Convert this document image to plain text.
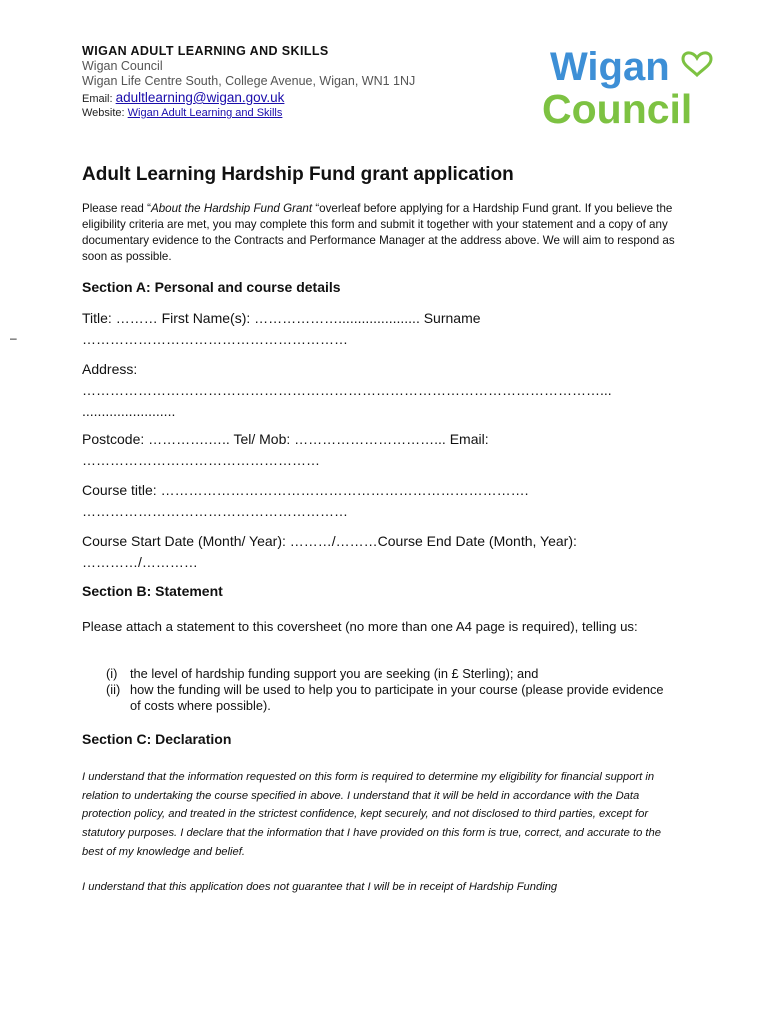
WIGAN ADULT LEARNING AND SKILLS
Wigan Council
Wigan Life Centre South, College Avenue, Wigan, WN1 1NJ
Email: adultlearning@wigan.gov.uk
Website: Wigan Adult Learning and Skills
Wigan
Council
Adult Learning Hardship Fund grant application

Please read “About the Hardship Fund Grant “overleaf before applying for a Hardship Fund grant. If you believe the eligibility criteria are met, you may complete this form and submit it together with your statement and a copy of any documentary evidence to the Contracts and Performance Manager at the address above. We will aim to respond as soon as possible.

Section A: Personal and course details
–

Title: ……… First Name(s): ………………..................... Surname
…………………………………………………

Address:
…………………………………………………………………………………………………...
........................

Postcode: ………….….. Tel/ Mob: …………………………... Email:
……………………………………………

Course title: …………………………………………………………………….
…………………………………………………

Course Start Date (Month/ Year): ………/………Course End Date (Month, Year):
…………/…………

Section B: Statement

Please attach a statement to this coversheet (no more than one A4 page is required), telling us:

(i) the level of hardship funding support you are seeking (in £ Sterling); and
(ii) how the funding will be used to help you to participate in your course (please provide evidence of costs where possible).
Section C: Declaration

I understand that the information requested on this form is required to determine my eligibility for financial support in relation to undertaking the course specified in above. I understand that it will be held in accordance with the Data protection policy, and treated in the strictest confidence, kept securely, and not disclosed to third parties, except for statutory purposes. I declare that the information that I have provided on this form is true, correct, and accurate to the best of my knowledge and belief.

I understand that this application does not guarantee that I will be in receipt of Hardship Funding
